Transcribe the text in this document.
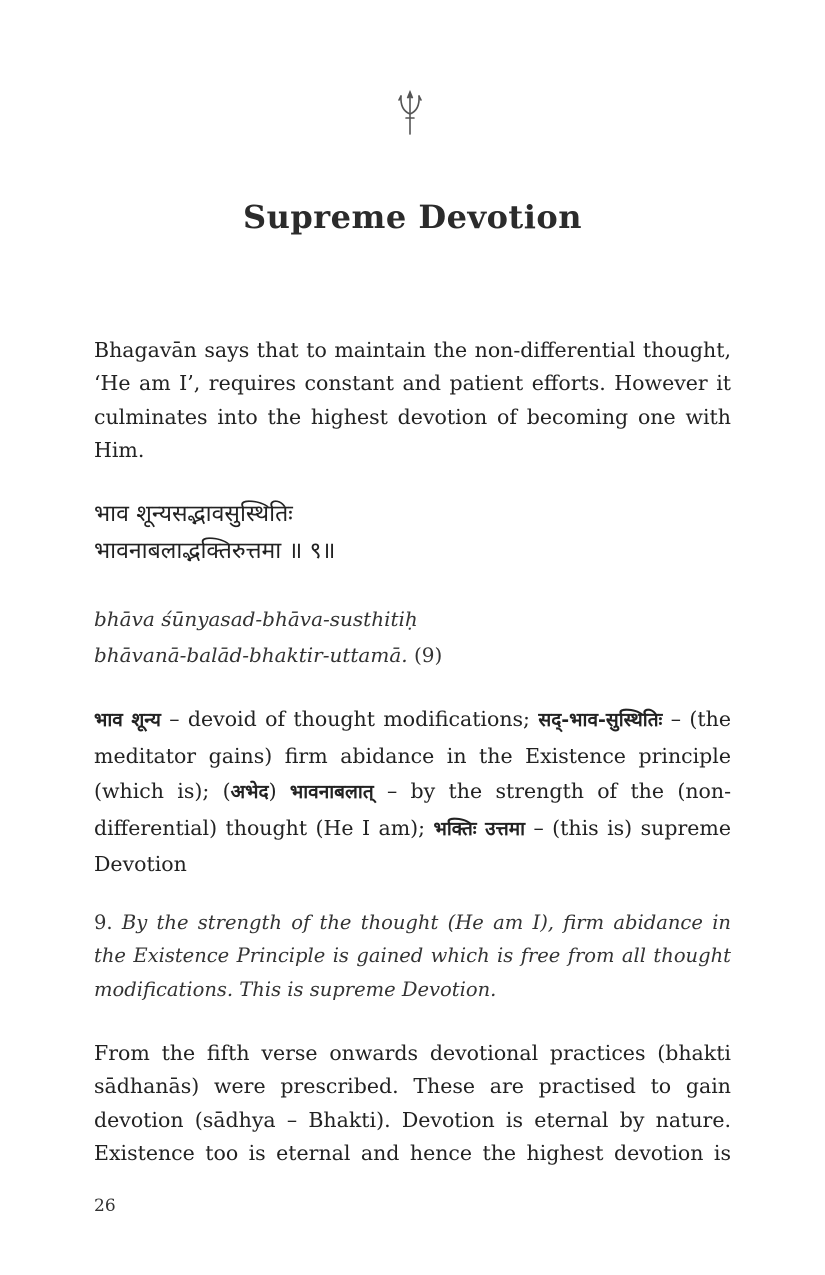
Supreme Devotion

Bhagavān says that to maintain the non-differential thought, ‘He am I’, requires constant and patient efforts. However it culminates into the highest devotion of becoming one with Him.

भाव शून्यसद्भावसुस्थितिः
भावनाबलाद्भक्तिरुत्तमा ॥ ९॥
bhāva śūnyasad-bhāva-susthitiḥ
bhāvanā-balād-bhaktir-uttamā. (9)

भाव शून्य – devoid of thought modifications; सद्-भाव-सुस्थितिः – (the meditator gains) firm abidance in the Existence principle (which is); (अभेद) भावनाबलात् – by the strength of the (non-differential) thought (He I am); भक्तिः उत्तमा – (this is) supreme Devotion

9. By the strength of the thought (He am I), firm abidance in the Existence Principle is gained which is free from all thought modifications. This is supreme Devotion.

From the fifth verse onwards devotional practices (bhakti sādhanās) were prescribed. These are practised to gain devotion (sādhya – Bhakti). Devotion is eternal by nature. Existence too is eternal and hence the highest devotion is

26
